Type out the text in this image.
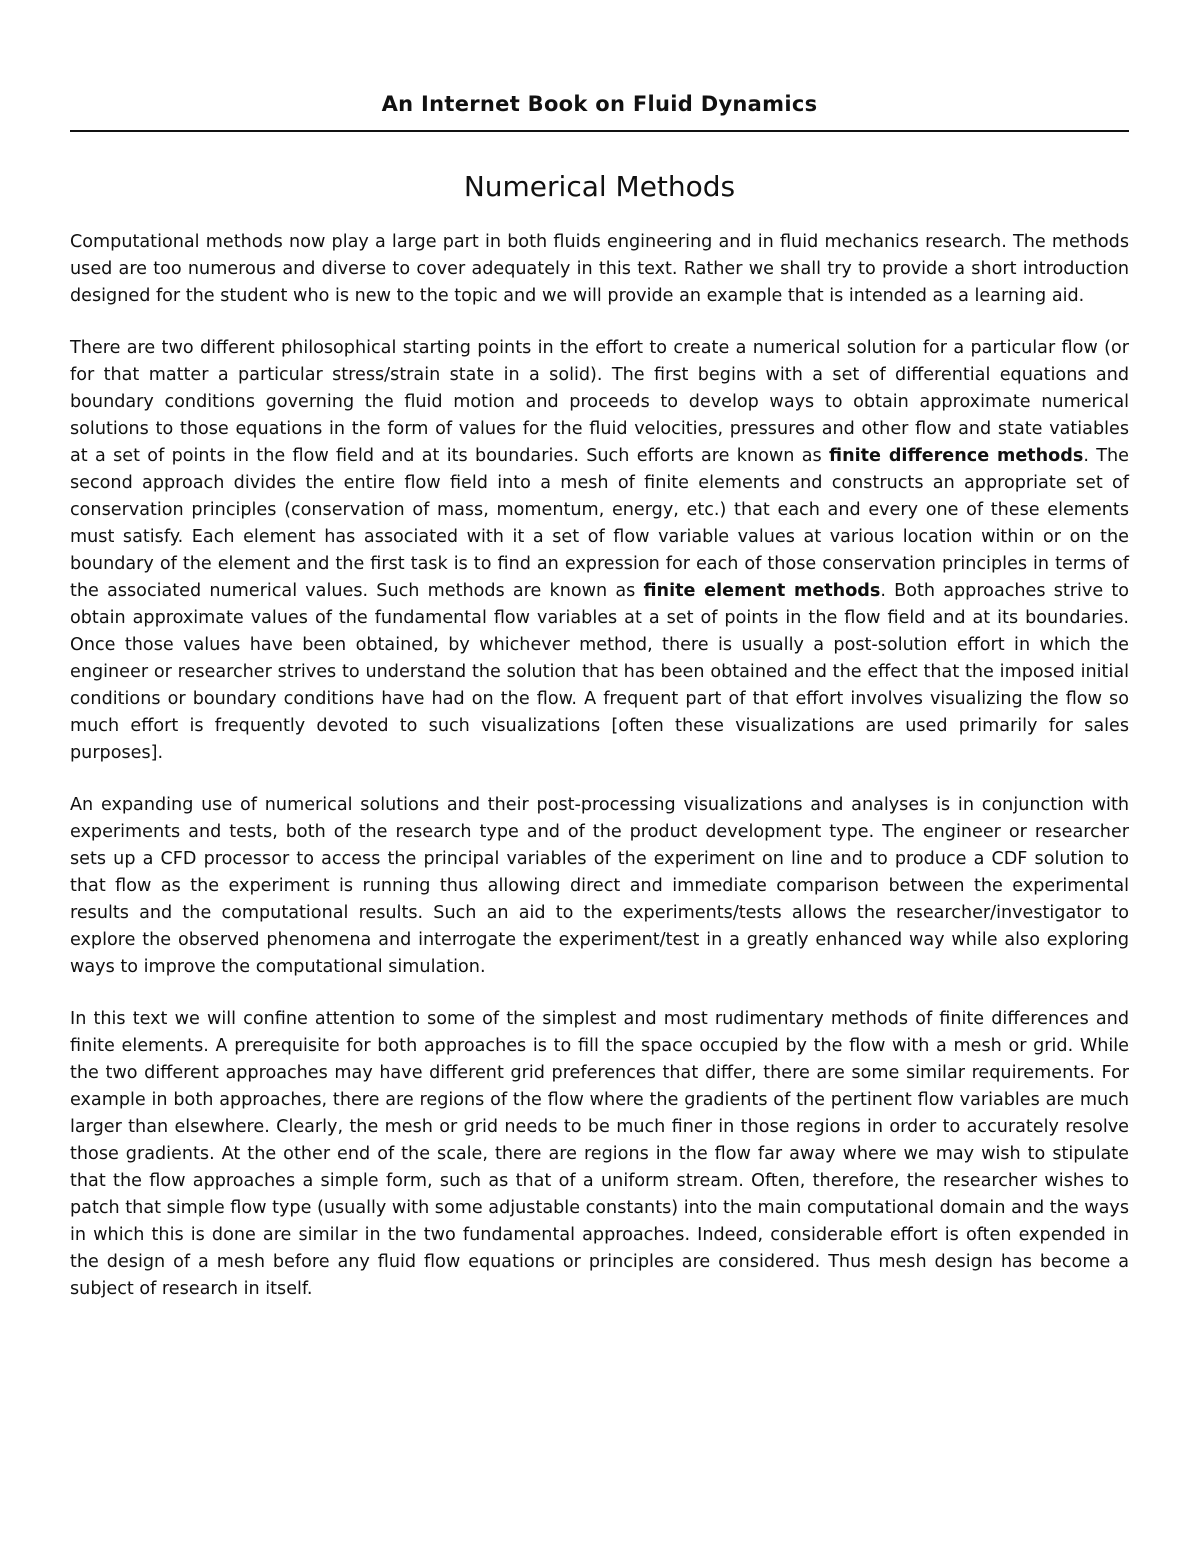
An Internet Book on Fluid Dynamics
Numerical Methods

Computational methods now play a large part in both fluids engineering and in fluid mechanics research. The methods used are too numerous and diverse to cover adequately in this text. Rather we shall try to provide a short introduction designed for the student who is new to the topic and we will provide an example that is intended as a learning aid.

There are two different philosophical starting points in the effort to create a numerical solution for a particular flow (or for that matter a particular stress/strain state in a solid). The first begins with a set of differential equations and boundary conditions governing the fluid motion and proceeds to develop ways to obtain approximate numerical solutions to those equations in the form of values for the fluid velocities, pressures and other flow and state vatiables at a set of points in the flow field and at its boundaries. Such efforts are known as finite difference methods. The second approach divides the entire flow field into a mesh of finite elements and constructs an appropriate set of conservation principles (conservation of mass, momentum, energy, etc.) that each and every one of these elements must satisfy. Each element has associated with it a set of flow variable values at various location within or on the boundary of the element and the first task is to find an expression for each of those conservation principles in terms of the associated numerical values. Such methods are known as finite element methods. Both approaches strive to obtain approximate values of the fundamental flow variables at a set of points in the flow field and at its boundaries. Once those values have been obtained, by whichever method, there is usually a post-solution effort in which the engineer or researcher strives to understand the solution that has been obtained and the effect that the imposed initial conditions or boundary conditions have had on the flow. A frequent part of that effort involves visualizing the flow so much effort is frequently devoted to such visualizations [often these visualizations are used primarily for sales purposes].

An expanding use of numerical solutions and their post-processing visualizations and analyses is in conjunction with experiments and tests, both of the research type and of the product development type. The engineer or researcher sets up a CFD processor to access the principal variables of the experiment on line and to produce a CDF solution to that flow as the experiment is running thus allowing direct and immediate comparison between the experimental results and the computational results. Such an aid to the experiments/tests allows the researcher/investigator to explore the observed phenomena and interrogate the experiment/test in a greatly enhanced way while also exploring ways to improve the computational simulation.

In this text we will confine attention to some of the simplest and most rudimentary methods of finite differences and finite elements. A prerequisite for both approaches is to fill the space occupied by the flow with a mesh or grid. While the two different approaches may have different grid preferences that differ, there are some similar requirements. For example in both approaches, there are regions of the flow where the gradients of the pertinent flow variables are much larger than elsewhere. Clearly, the mesh or grid needs to be much finer in those regions in order to accurately resolve those gradients. At the other end of the scale, there are regions in the flow far away where we may wish to stipulate that the flow approaches a simple form, such as that of a uniform stream. Often, therefore, the researcher wishes to patch that simple flow type (usually with some adjustable constants) into the main computational domain and the ways in which this is done are similar in the two fundamental approaches. Indeed, considerable effort is often expended in the design of a mesh before any fluid flow equations or principles are considered. Thus mesh design has become a subject of research in itself.
